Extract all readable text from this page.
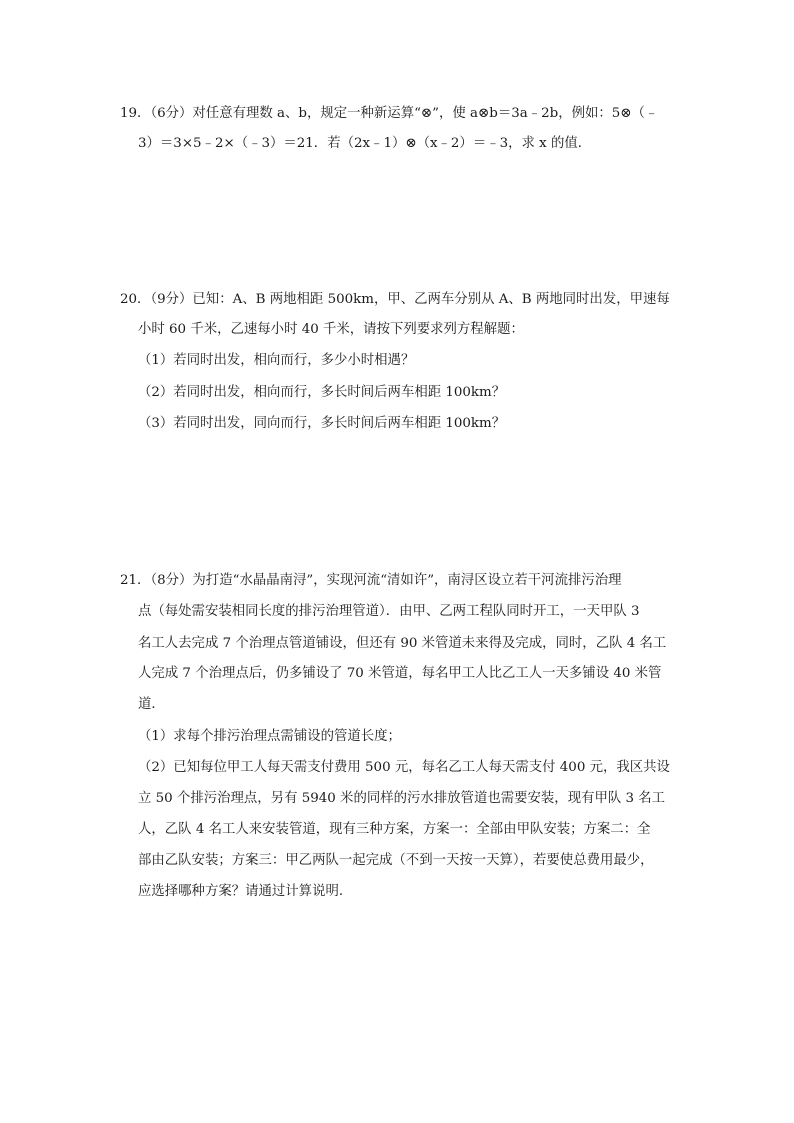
19．（6分）对任意有理数 a、b，规定一种新运算“⊗”，使 a⊗b＝3a﹣2b，例如：5⊗（﹣
3）＝3×5﹣2×（﹣3）＝21．若（2x﹣1）⊗（x﹣2）＝﹣3，求 x 的值．
20．（9分）已知：A、B 两地相距 500km，甲、乙两车分别从 A、B 两地同时出发，甲速每
小时 60 千米，乙速每小时 40 千米，请按下列要求列方程解题：
（1）若同时出发，相向而行，多少小时相遇？
（2）若同时出发，相向而行，多长时间后两车相距 100km？
（3）若同时出发，同向而行，多长时间后两车相距 100km？
21．（8分）为打造“水晶晶南浔”，实现河流“清如许”，南浔区设立若干河流排污治理
点（每处需安装相同长度的排污治理管道）．由甲、乙两工程队同时开工，一天甲队 3
名工人去完成 7 个治理点管道铺设，但还有 90 米管道未来得及完成，同时，乙队 4 名工
人完成 7 个治理点后，仍多铺设了 70 米管道，每名甲工人比乙工人一天多铺设 40 米管
道．
（1）求每个排污治理点需铺设的管道长度；
（2）已知每位甲工人每天需支付费用 500 元，每名乙工人每天需支付 400 元，我区共设
立 50 个排污治理点，另有 5940 米的同样的污水排放管道也需要安装，现有甲队 3 名工
人，乙队 4 名工人来安装管道，现有三种方案，方案一：全部由甲队安装；方案二：全
部由乙队安装；方案三：甲乙两队一起完成（不到一天按一天算），若要使总费用最少，
应选择哪种方案？请通过计算说明．
